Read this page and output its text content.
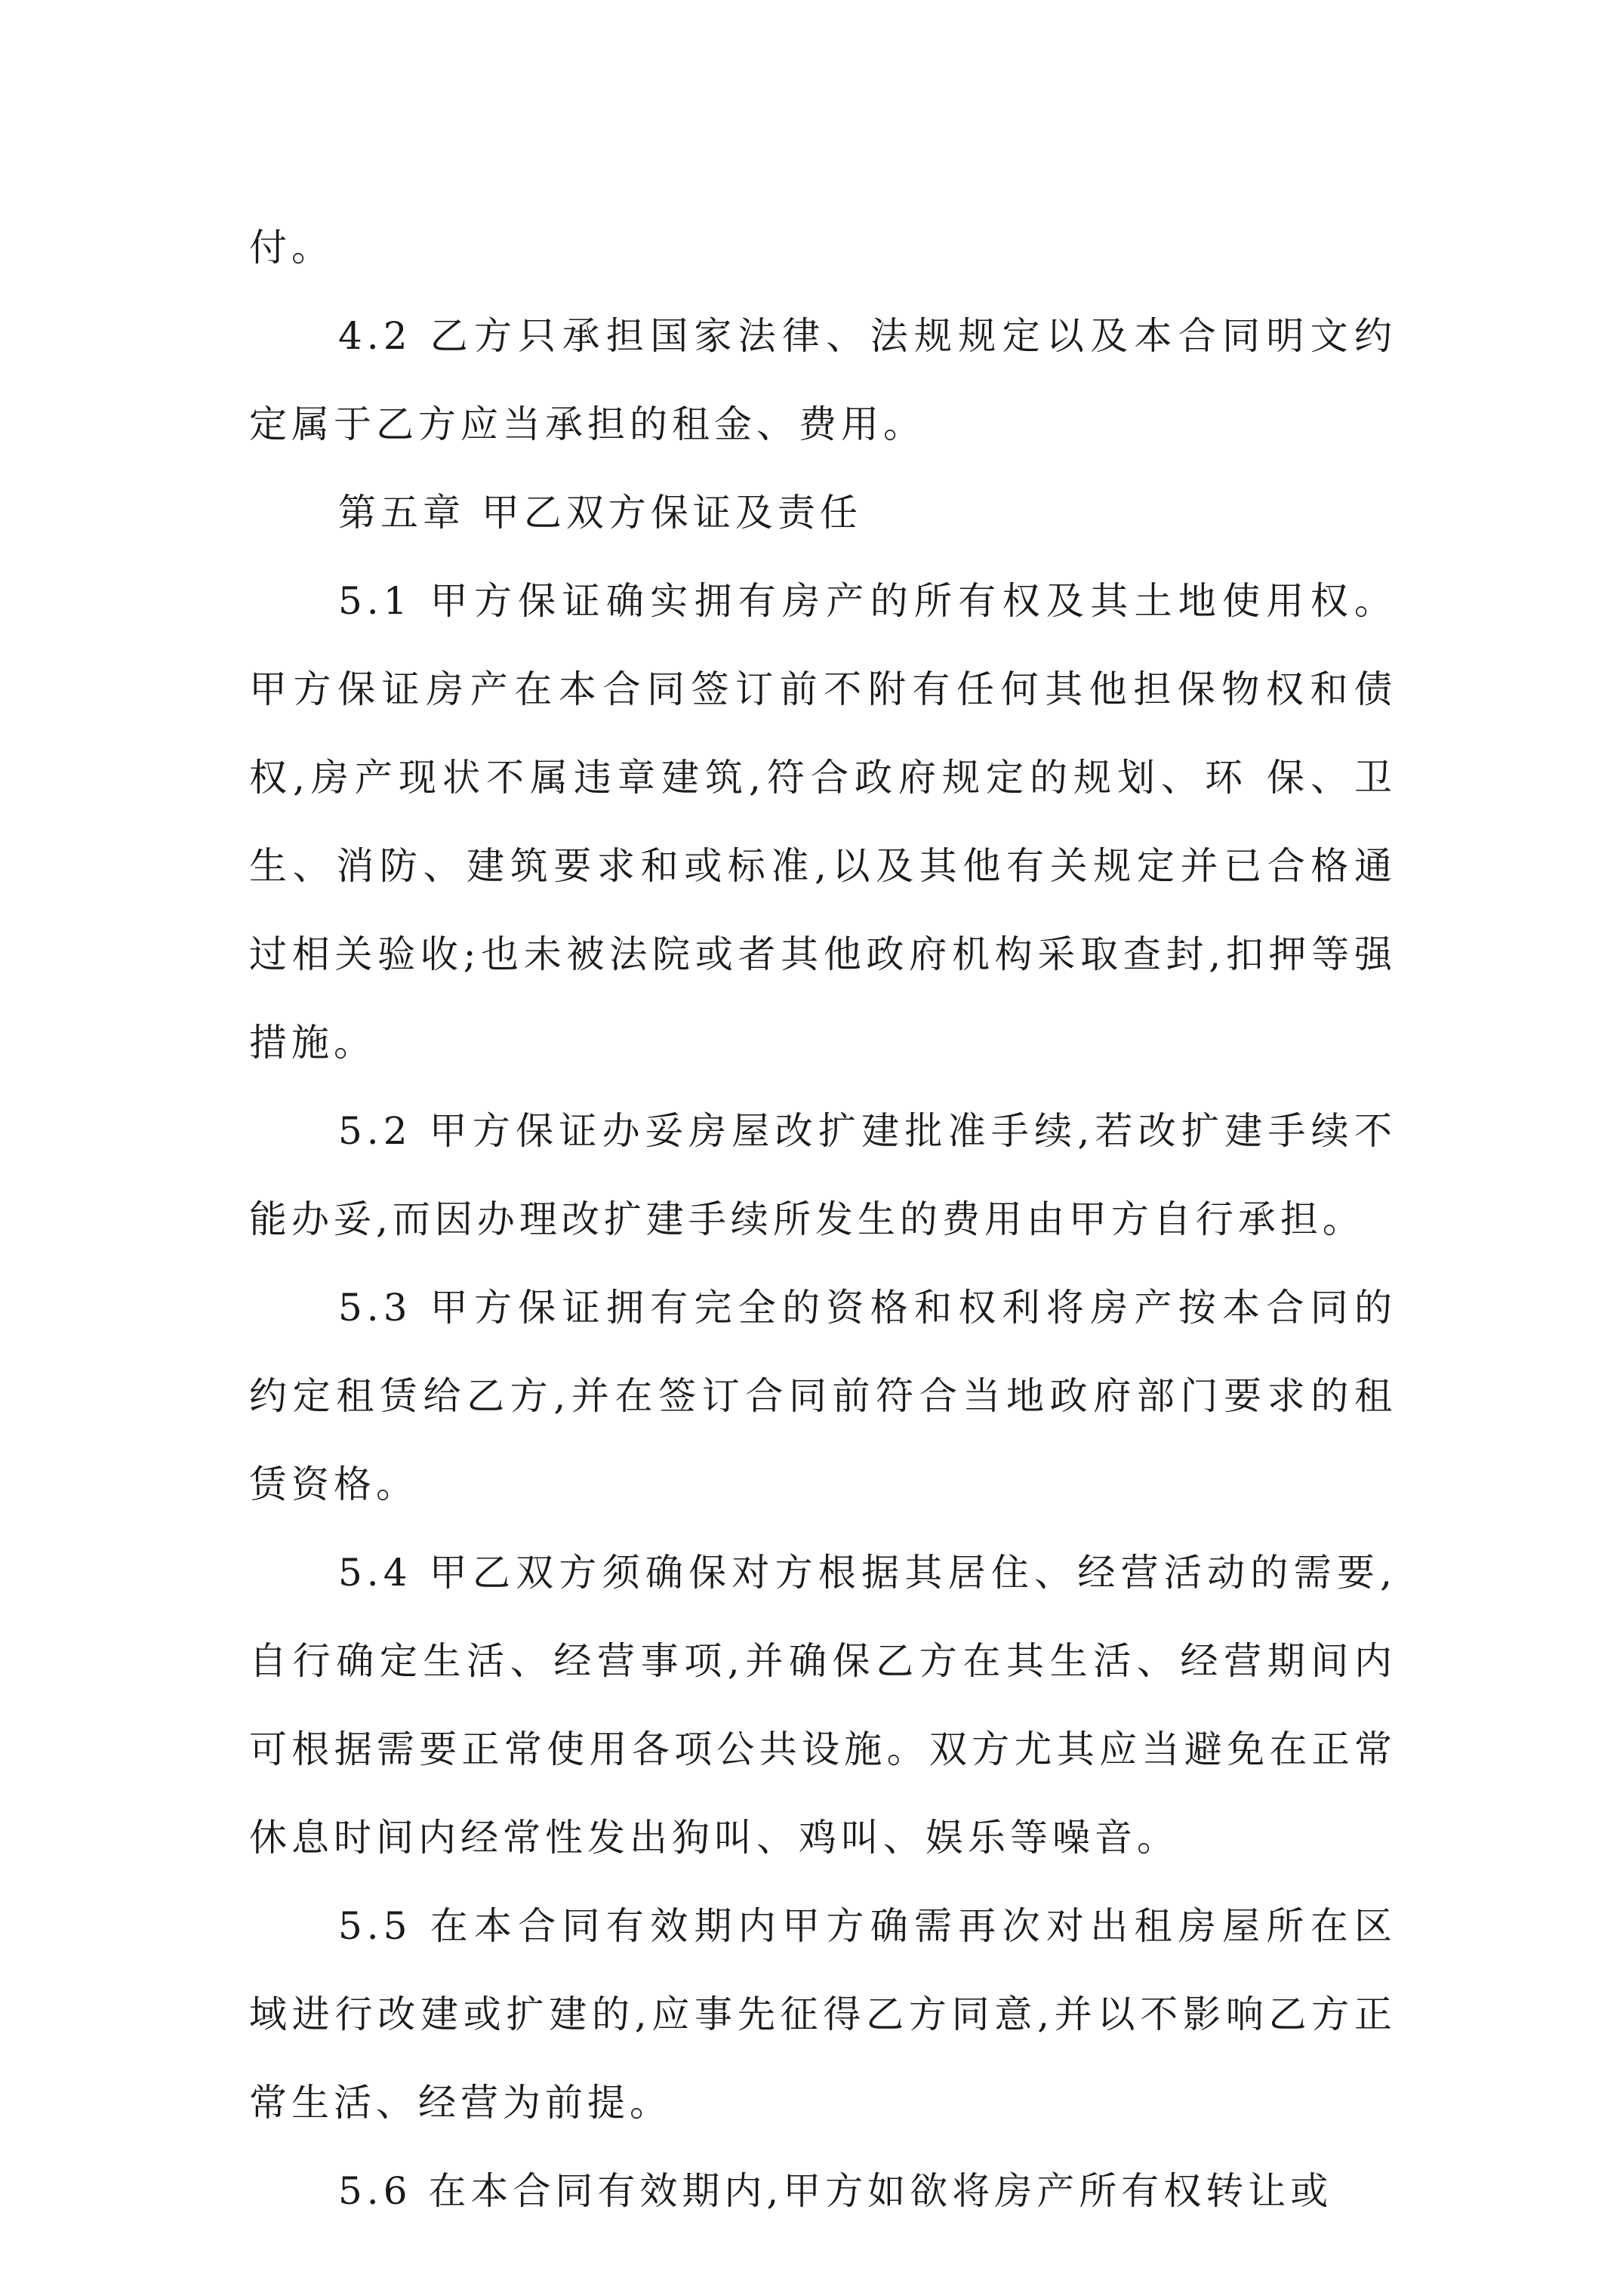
付。

4.2 乙方只承担国家法律、法规规定以及本合同明文约定属于乙方应当承担的租金、费用。

第五章 甲乙双方保证及责任

5.1 甲方保证确实拥有房产的所有权及其土地使用权。甲方保证房产在本合同签订前不附有任何其他担保物权和债权,房产现状不属违章建筑,符合政府规定的规划、环 保、卫生、消防、建筑要求和或标准,以及其他有关规定并已合格通过相关验收;也未被法院或者其他政府机构采取查封,扣押等强措施。

5.2 甲方保证办妥房屋改扩建批准手续,若改扩建手续不能办妥,而因办理改扩建手续所发生的费用由甲方自行承担。

5.3 甲方保证拥有完全的资格和权利将房产按本合同的约定租赁给乙方,并在签订合同前符合当地政府部门要求的租赁资格。

5.4 甲乙双方须确保对方根据其居住、经营活动的需要,自行确定生活、经营事项,并确保乙方在其生活、经营期间内可根据需要正常使用各项公共设施。双方尤其应当避免在正常休息时间内经常性发出狗叫、鸡叫、娱乐等噪音。

5.5 在本合同有效期内甲方确需再次对出租房屋所在区域进行改建或扩建的,应事先征得乙方同意,并以不影响乙方正常生活、经营为前提。

5.6 在本合同有效期内,甲方如欲将房产所有权转让或
